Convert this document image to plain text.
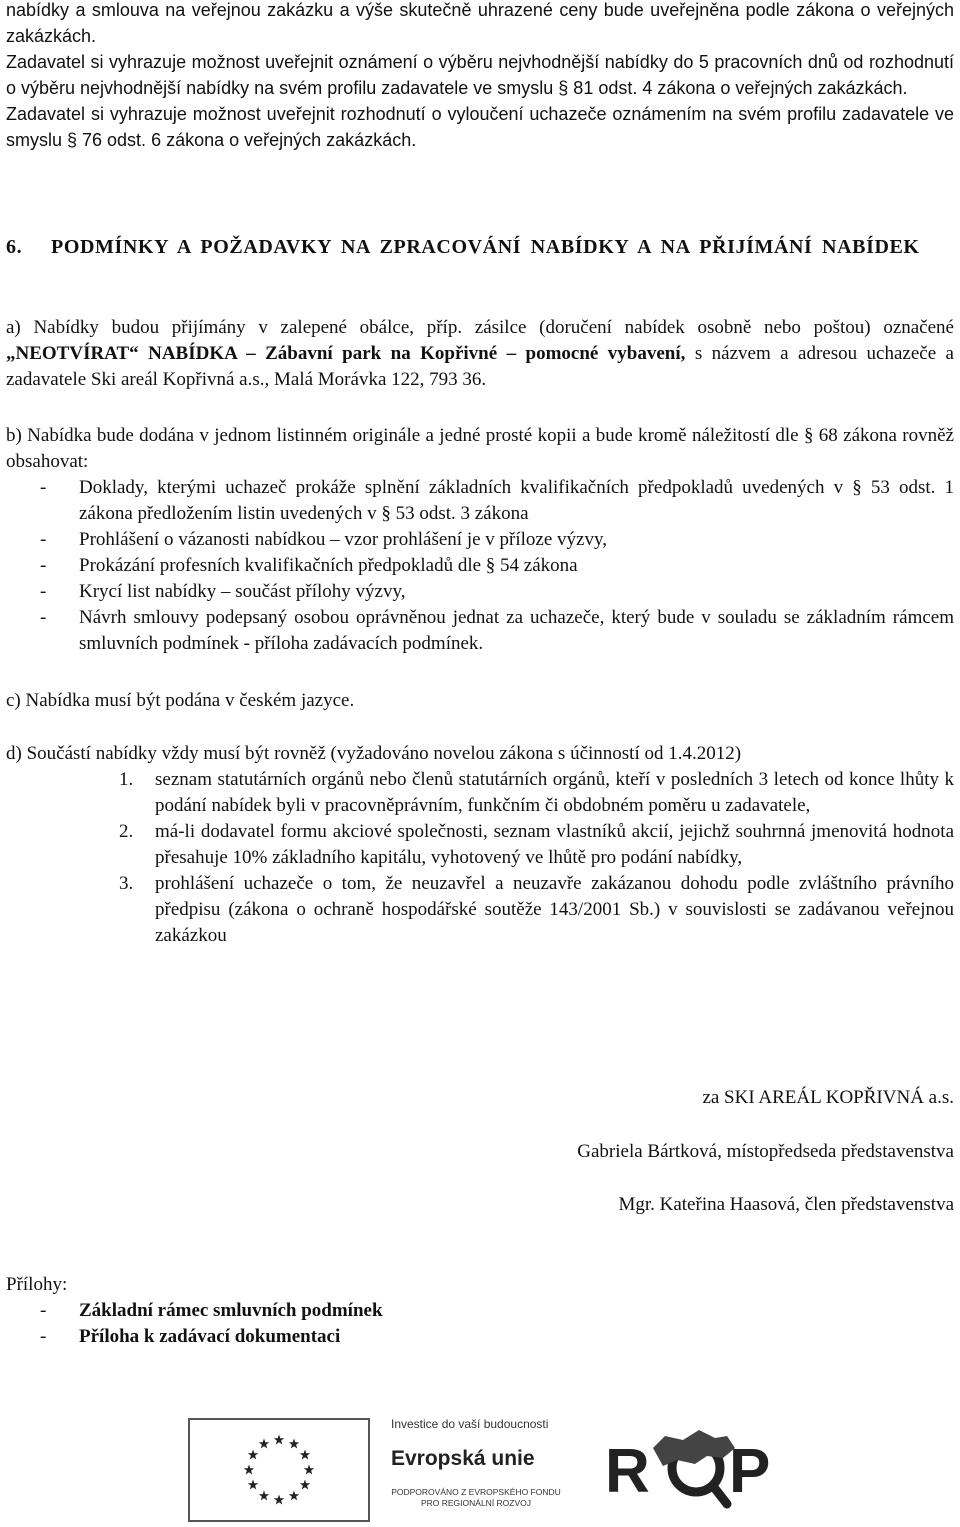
nabídky a smlouva na veřejnou zakázku a výše skutečně uhrazené ceny bude uveřejněna podle zákona o veřejných zakázkách.

Zadavatel si vyhrazuje možnost uveřejnit oznámení o výběru nejvhodnější nabídky do 5 pracovních dnů od rozhodnutí o výběru nejvhodnější nabídky na svém profilu zadavatele ve smyslu § 81 odst. 4 zákona o veřejných zakázkách.

Zadavatel si vyhrazuje možnost uveřejnit rozhodnutí o vyloučení uchazeče oznámením na svém profilu zadavatele ve smyslu § 76 odst. 6 zákona o veřejných zakázkách.

6. PODMÍNKY A POŽADAVKY NA ZPRACOVÁNÍ NABÍDKY A NA PŘIJÍMÁNÍ NABÍDEK
a) Nabídky budou přijímány v zalepené obálce, příp. zásilce (doručení nabídek osobně nebo poštou) označené „NEOTVÍRAT“ NABÍDKA – Zábavní park na Kopřivné – pomocné vybavení, s názvem a adresou uchazeče a zadavatele Ski areál Kopřivná a.s., Malá Morávka 122, 793 36.

b) Nabídka bude dodána v jednom listinném originále a jedné prosté kopii a bude kromě náležitostí dle § 68 zákona rovněž obsahovat:

- Doklady, kterými uchazeč prokáže splnění základních kvalifikačních předpokladů uvedených v § 53 odst. 1 zákona předložením listin uvedených v § 53 odst. 3 zákona
- Prohlášení o vázanosti nabídkou – vzor prohlášení je v příloze výzvy,
- Prokázání profesních kvalifikačních předpokladů dle § 54 zákona
- Krycí list nabídky – součást přílohy výzvy,
- Návrh smlouvy podepsaný osobou oprávněnou jednat za uchazeče, který bude v souladu se základním rámcem smluvních podmínek - příloha zadávacích podmínek.
c) Nabídka musí být podána v českém jazyce.

d) Součástí nabídky vždy musí být rovněž (vyžadováno novelou zákona s účinností od 1.4.2012)

1. seznam statutárních orgánů nebo členů statutárních orgánů, kteří v posledních 3 letech od konce lhůty k podání nabídek byli v pracovněprávním, funkčním či obdobném poměru u zadavatele,
2. má-li dodavatel formu akciové společnosti, seznam vlastníků akcií, jejichž souhrnná jmenovitá hodnota přesahuje 10% základního kapitálu, vyhotovený ve lhůtě pro podání nabídky,
3. prohlášení uchazeče o tom, že neuzavřel a neuzavře zakázanou dohodu podle zvláštního právního předpisu (zákona o ochraně hospodářské soutěže 143/2001 Sb.) v souvislosti se zadávanou veřejnou zakázkou
za SKI AREÁL KOPŘIVNÁ a.s.
Gabriela Bártková, místopředseda představenstva
Mgr. Kateřina Haasová, člen představenstva
Přílohy:
- Základní rámec smluvních podmínek
- Příloha k zadávací dokumentaci
Investice do vaší budoucnosti
Evropská unie
PODPOROVÁNO Z EVROPSKÉHO FONDU
PRO REGIONÁLNÍ ROZVOJ	R P
